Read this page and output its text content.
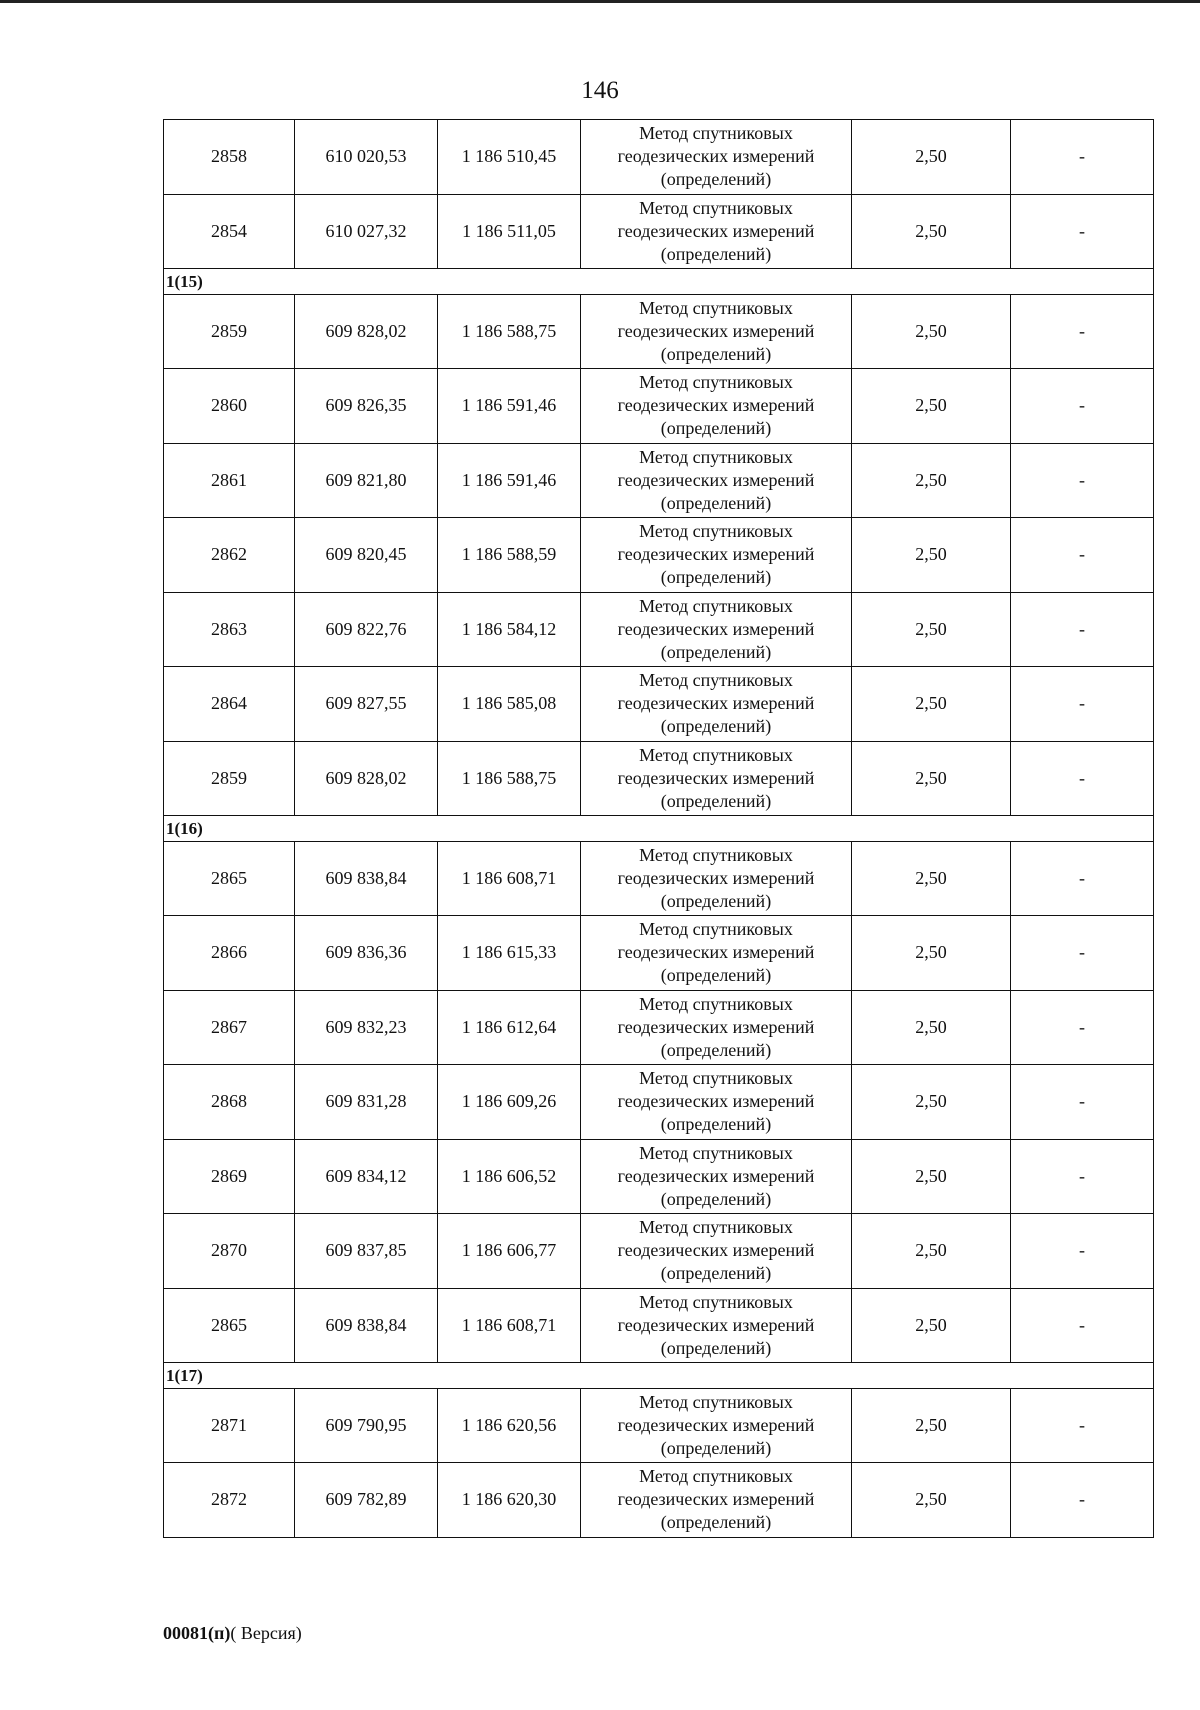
146
2858	610 020,53	1 186 510,45	Метод спутниковых
геодезических измерений
(определений)	2,50	-
2854	610 027,32	1 186 511,05	Метод спутниковых
геодезических измерений
(определений)	2,50	-
1(15)					
2859	609 828,02	1 186 588,75	Метод спутниковых
геодезических измерений
(определений)	2,50	-
2860	609 826,35	1 186 591,46	Метод спутниковых
геодезических измерений
(определений)	2,50	-
2861	609 821,80	1 186 591,46	Метод спутниковых
геодезических измерений
(определений)	2,50	-
2862	609 820,45	1 186 588,59	Метод спутниковых
геодезических измерений
(определений)	2,50	-
2863	609 822,76	1 186 584,12	Метод спутниковых
геодезических измерений
(определений)	2,50	-
2864	609 827,55	1 186 585,08	Метод спутниковых
геодезических измерений
(определений)	2,50	-
2859	609 828,02	1 186 588,75	Метод спутниковых
геодезических измерений
(определений)	2,50	-
1(16)					
2865	609 838,84	1 186 608,71	Метод спутниковых
геодезических измерений
(определений)	2,50	-
2866	609 836,36	1 186 615,33	Метод спутниковых
геодезических измерений
(определений)	2,50	-
2867	609 832,23	1 186 612,64	Метод спутниковых
геодезических измерений
(определений)	2,50	-
2868	609 831,28	1 186 609,26	Метод спутниковых
геодезических измерений
(определений)	2,50	-
2869	609 834,12	1 186 606,52	Метод спутниковых
геодезических измерений
(определений)	2,50	-
2870	609 837,85	1 186 606,77	Метод спутниковых
геодезических измерений
(определений)	2,50	-
2865	609 838,84	1 186 608,71	Метод спутниковых
геодезических измерений
(определений)	2,50	-
1(17)					
2871	609 790,95	1 186 620,56	Метод спутниковых
геодезических измерений
(определений)	2,50	-
2872	609 782,89	1 186 620,30	Метод спутниковых
геодезических измерений
(определений)	2,50	-
00081(п)( Версия)
